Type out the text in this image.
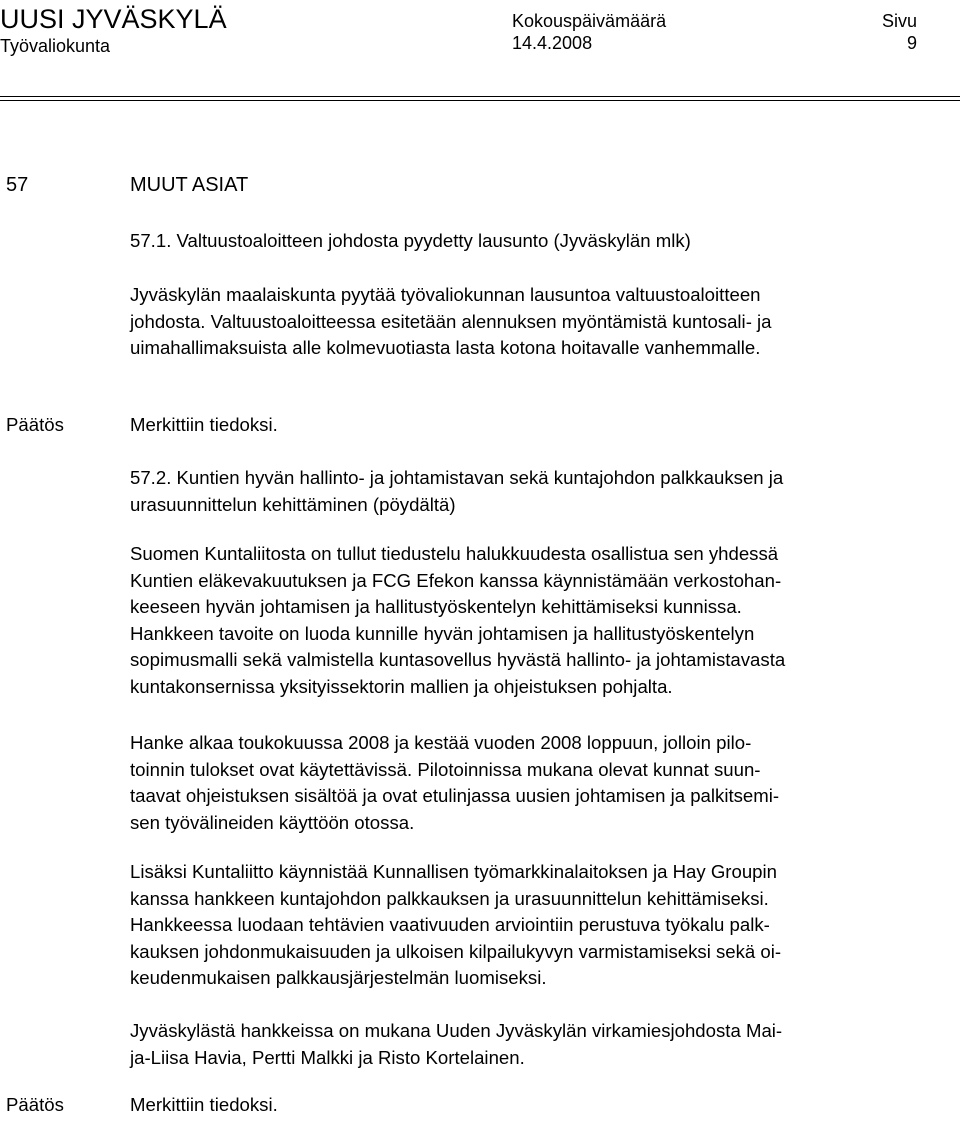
UUSI JYVÄSKYLÄ
Työvaliokunta
Kokouspäivämäärä
14.4.2008
Sivu
9
57	MUUT ASIAT
57.1. Valtuustoaloitteen johdosta pyydetty lausunto (Jyväskylän mlk)
Jyväskylän maalaiskunta pyytää työvaliokunnan lausuntoa valtuustoaloitteen
johdosta. Valtuustoaloitteessa esitetään alennuksen myöntämistä kuntosali- ja
uimahallimaksuista alle kolmevuotiasta lasta kotona hoitavalle vanhemmalle.
Päätös	Merkittiin tiedoksi.
57.2. Kuntien hyvän hallinto- ja johtamistavan sekä kuntajohdon palkkauksen ja
urasuunnittelun kehittäminen (pöydältä)
Suomen Kuntaliitosta on tullut tiedustelu halukkuudesta osallistua sen yhdessä
Kuntien eläkevakuutuksen ja FCG Efekon kanssa käynnistämään verkostohan-
keeseen hyvän johtamisen ja hallitustyöskentelyn kehittämiseksi kunnissa.
Hankkeen tavoite on luoda kunnille hyvän johtamisen ja hallitustyöskentelyn
sopimusmalli sekä valmistella kuntasovellus hyvästä hallinto- ja johtamistavasta
kuntakonsernissa yksityissektorin mallien ja ohjeistuksen pohjalta.
Hanke alkaa toukokuussa 2008 ja kestää vuoden 2008 loppuun, jolloin pilo-
toinnin tulokset ovat käytettävissä. Pilotoinnissa mukana olevat kunnat suun-
taavat ohjeistuksen sisältöä ja ovat etulinjassa uusien johtamisen ja palkitsemi-
sen työvälineiden käyttöön otossa.
Lisäksi Kuntaliitto käynnistää Kunnallisen työmarkkinalaitoksen ja Hay Groupin
kanssa hankkeen kuntajohdon palkkauksen ja urasuunnittelun kehittämiseksi.
Hankkeessa luodaan tehtävien vaativuuden arviointiin perustuva työkalu palk-
kauksen johdonmukaisuuden ja ulkoisen kilpailukyvyn varmistamiseksi sekä oi-
keudenmukaisen palkkausjärjestelmän luomiseksi.
Jyväskylästä hankkeissa on mukana Uuden Jyväskylän virkamiesjohdosta Mai-
ja-Liisa Havia, Pertti Malkki ja Risto Kortelainen.
Päätös	Merkittiin tiedoksi.
